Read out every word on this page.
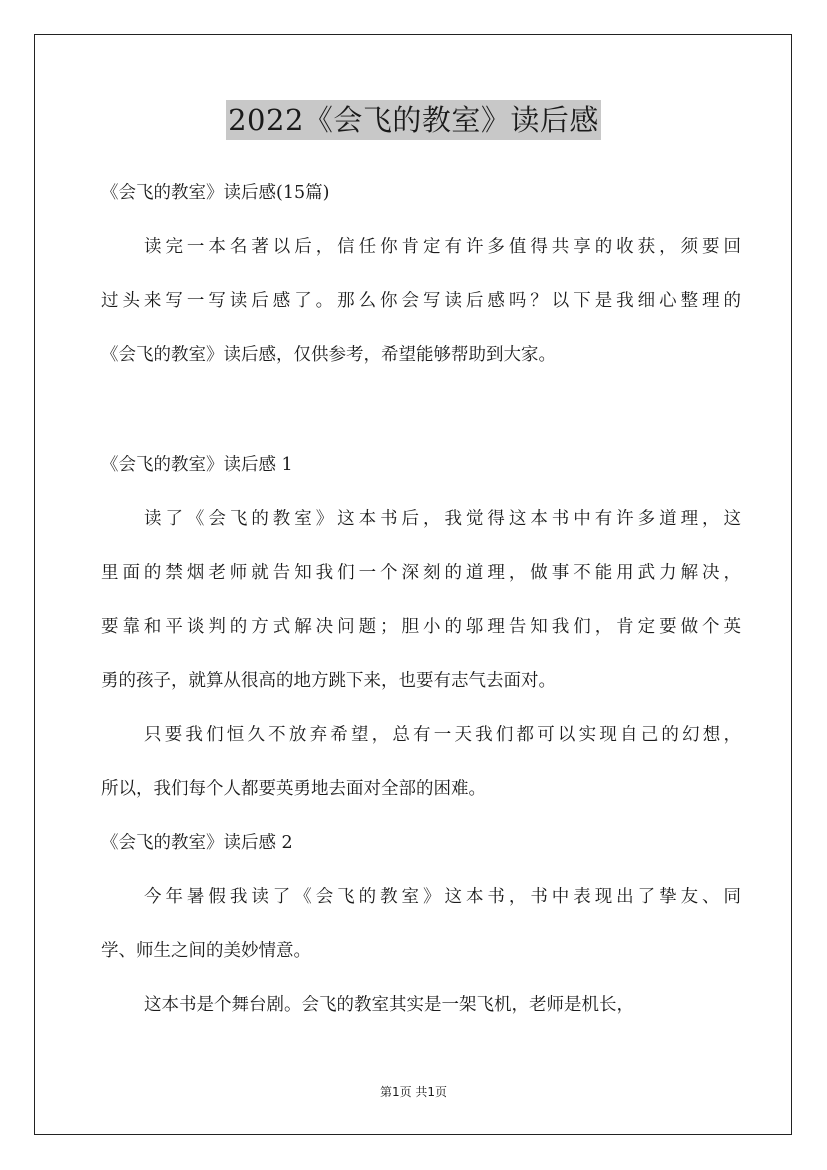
2022《会飞的教室》读后感
《会飞的教室》读后感(15篇)
读完一本名著以后，信任你肯定有许多值得共享的收获，须要回
过头来写一写读后感了。那么你会写读后感吗？以下是我细心整理的
《会飞的教室》读后感，仅供参考，希望能够帮助到大家。
《会飞的教室》读后感 1
读了《会飞的教室》这本书后，我觉得这本书中有许多道理，这
里面的禁烟老师就告知我们一个深刻的道理，做事不能用武力解决，
要靠和平谈判的方式解决问题；胆小的邬理告知我们，肯定要做个英
勇的孩子，就算从很高的地方跳下来，也要有志气去面对。
只要我们恒久不放弃希望，总有一天我们都可以实现自己的幻想，
所以，我们每个人都要英勇地去面对全部的困难。
《会飞的教室》读后感 2
今年暑假我读了《会飞的教室》这本书，书中表现出了挚友、同
学、师生之间的美妙情意。
这本书是个舞台剧。会飞的教室其实是一架飞机，老师是机长，
第1页 共1页
